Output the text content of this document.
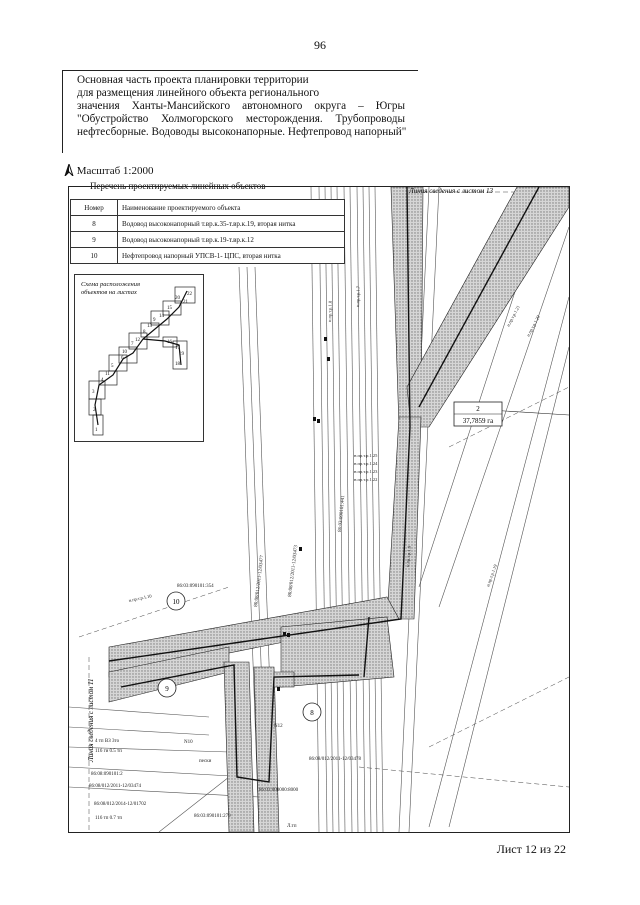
96
Основная часть проекта планировки территории
для размещения линейного объекта регионального
значения Ханты-Мансийского автономного округа – Югры
"Обустройство Холмогорского месторождения. Трубопроводы
нефтесборные. Водоводы высоконапорные. Нефтепровод напорный"
Масштаб 1:2000
Перечень проектируемых линейных объектов
2
37,7859 га
10
9
8
Линия сведения с листом 13
Линия сведения с листом 11
86:03:090101:354
86:08/012/2011-12/03478
86:08/012/2011-12/03474
86:08/012/2014-12/01702
86:03:000000:8000
86:03:090101:279
86:08:090101:2
86:08/012/2011-12/03477	86:08/012/2011-12/03473
86:03:090101:441
н.пр.т.р.1.25
н.пр.т.р.1.24
н.пр.т.р.1.23
н.пр.т.р.1.22
н.пр.т.р.1.21 н.пр.т.р.1.20
н.пр.т.р.1.19
н.пр.т.р.1.10
н.пр.т.р.1.9
н.пр.т.р.1.8
н.пр.т.р.1.7
пески
Л.тп
N12
N10
4 тп ВЗ 3то
116 ги 0.5 тп
116 тп 0.7 тп
Номер	Наименование проектируемого объекта
8	Водовод высоконапорный т.вр.к.35-т.вр.к.19, вторая нитка
9	Водовод высоконапорный т.вр.к.19-т.вр.к.12
10	Нефтепровод напорный УПСВ-1- ЦПС, вторая нитка
Схема расположения
объектов на листах
1
2
3
4
5
6
7
8
9
10
11
12
13
14
15
16
17
18
19
20
21
22
Лист 12 из 22
